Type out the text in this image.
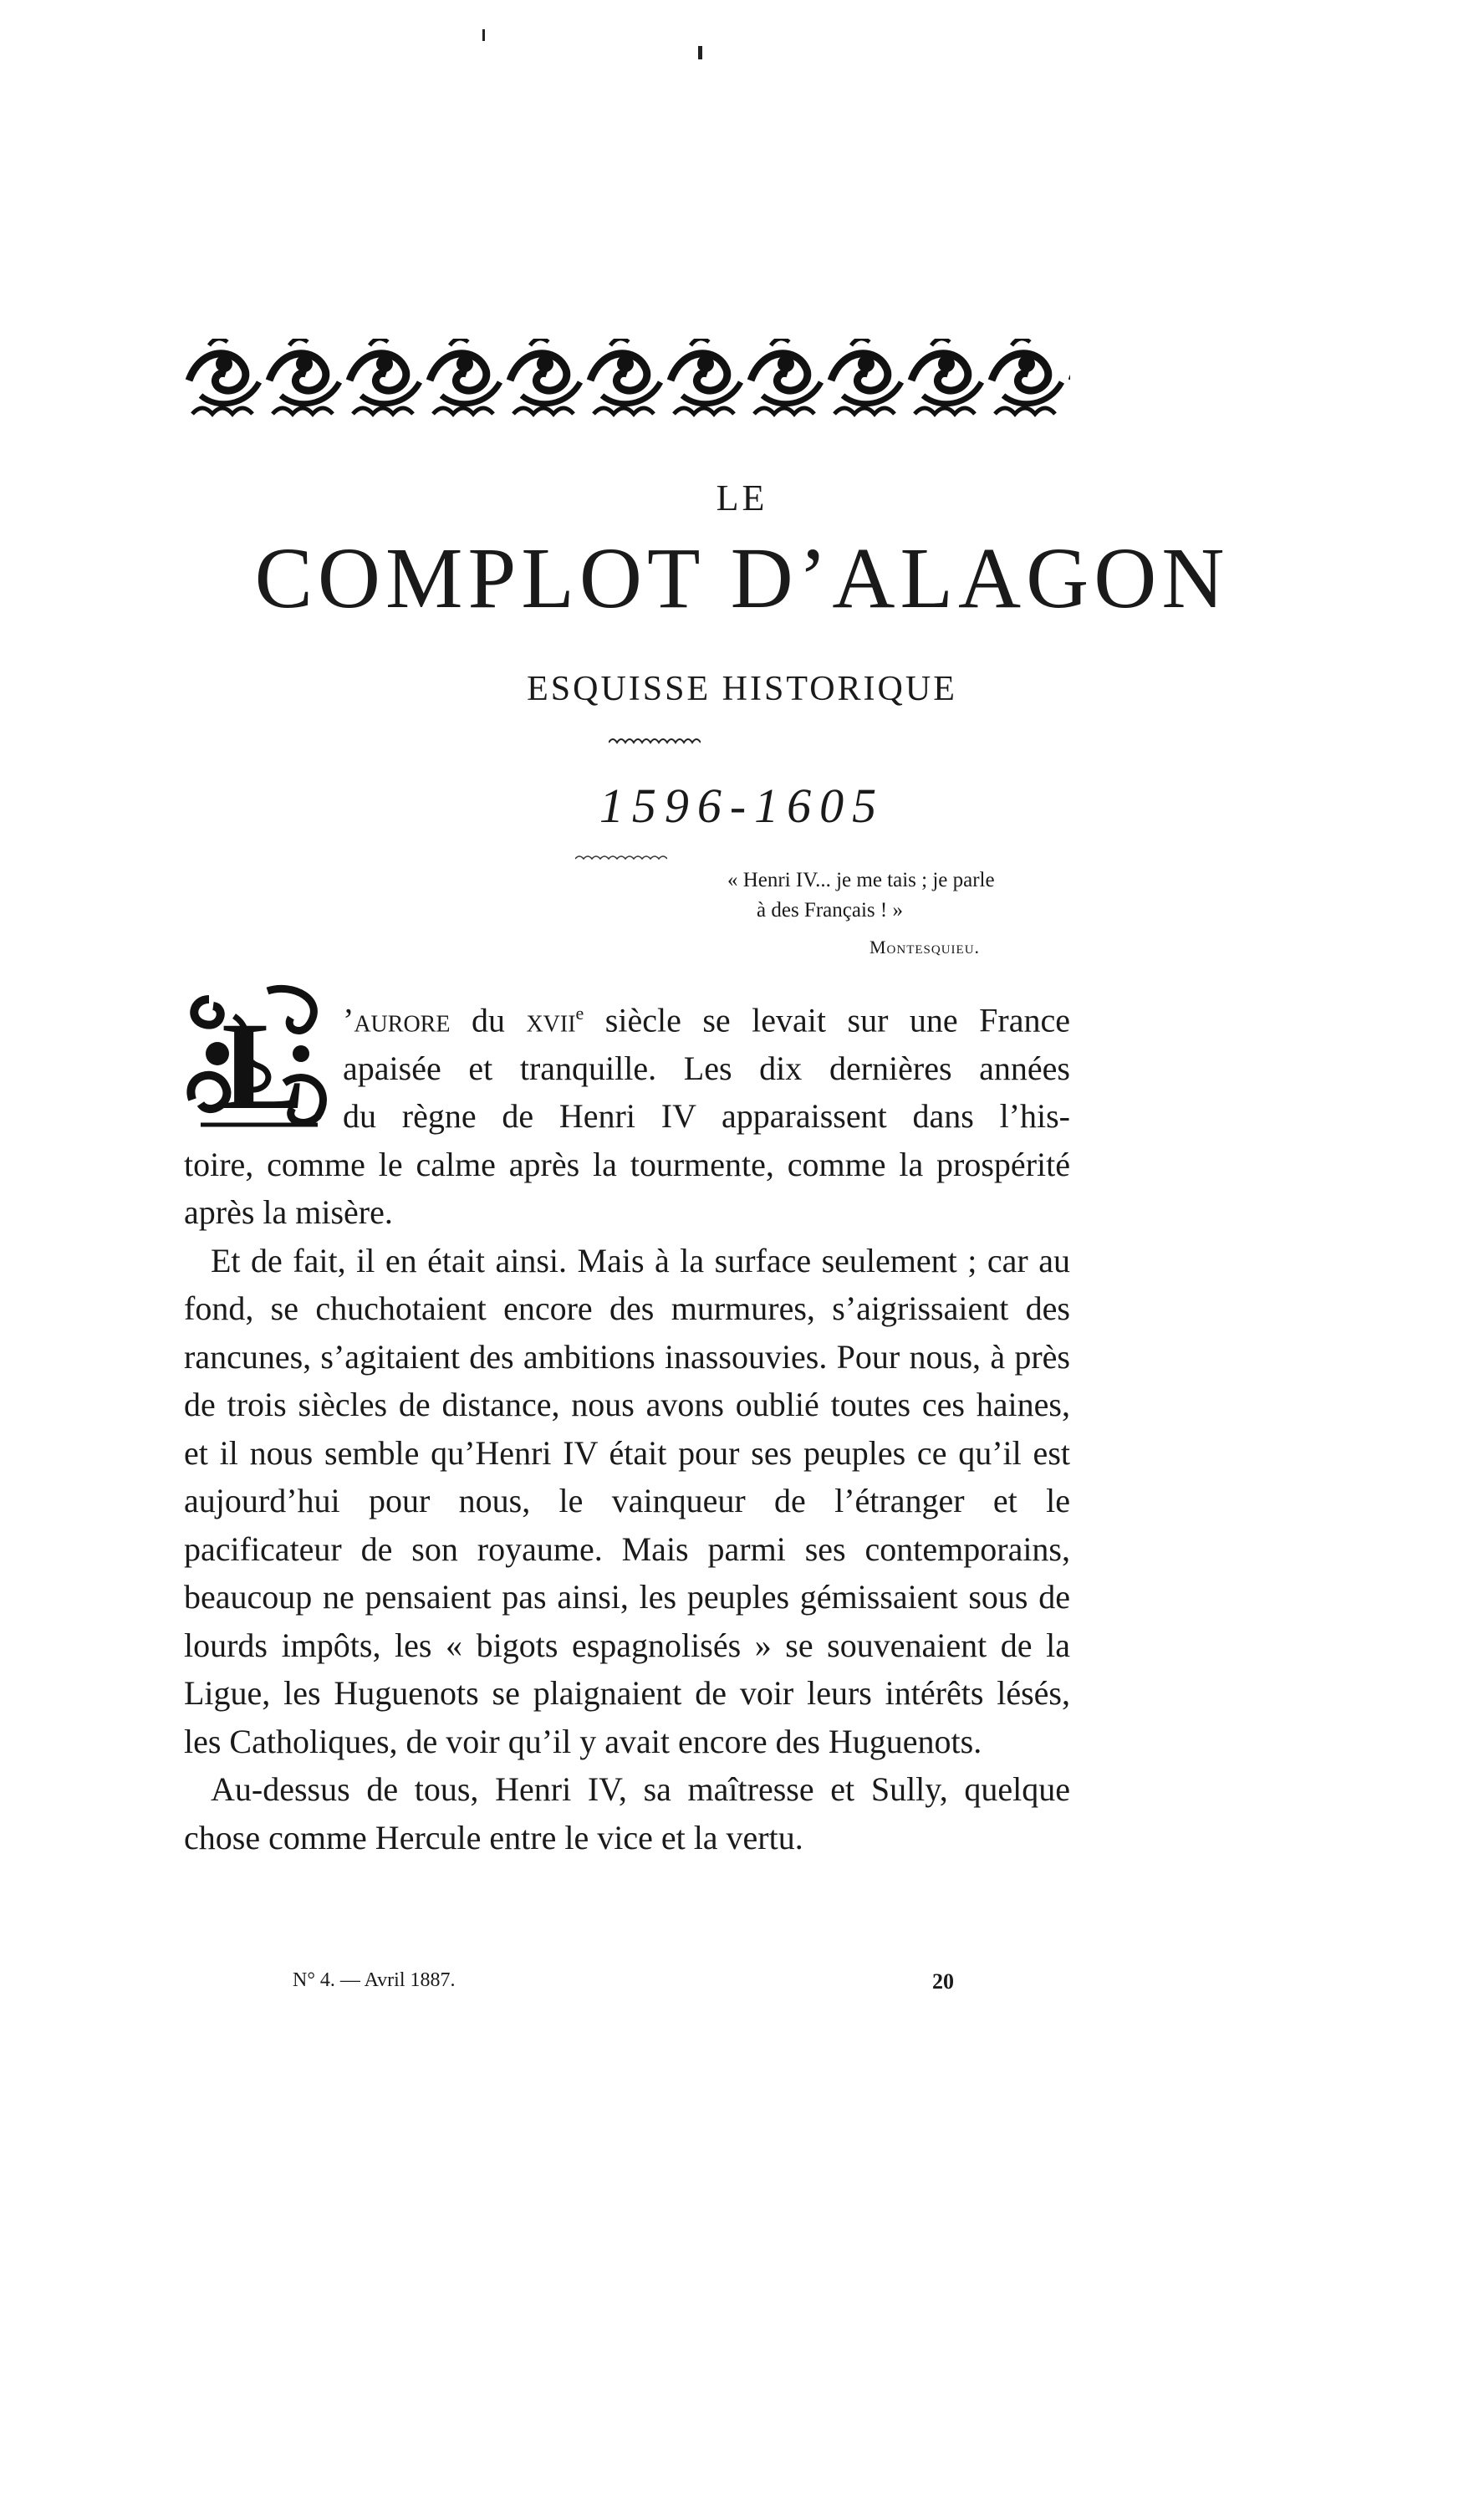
LE
COMPLOT D’ALAGON
ESQUISSE HISTORIQUE
1596-1605
« Henri IV... je me tais ; je parle
à des Français ! »
Montesquieu.
L	’aurore du xvii$^e$ siècle se levait sur une France
apaisée et tranquille. Les dix dernières années
du règne de Henri IV apparaissent dans l’his-

toire, comme le calme après la tourmente, comme la prospérité après la misère.

Et de fait, il en était ainsi. Mais à la surface seulement ; car au fond, se chuchotaient encore des murmures, s’aigrissaient des rancunes, s’agitaient des ambitions inassouvies. Pour nous, à près de trois siècles de distance, nous avons oublié toutes ces haines, et il nous semble qu’Henri IV était pour ses peuples ce qu’il est aujourd’hui pour nous, le vainqueur de l’étranger et le pacificateur de son royaume. Mais parmi ses contemporains, beaucoup ne pensaient pas ainsi, les peuples gémissaient sous de lourds impôts, les « bigots espagnolisés » se souvenaient de la Ligue, les Huguenots se plaignaient de voir leurs intérêts lésés, les Catholiques, de voir qu’il y avait encore des Huguenots.

Au-dessus de tous, Henri IV, sa maîtresse et Sully, quelque chose comme Hercule entre le vice et la vertu.

N° 4. — Avril 1887.	20
